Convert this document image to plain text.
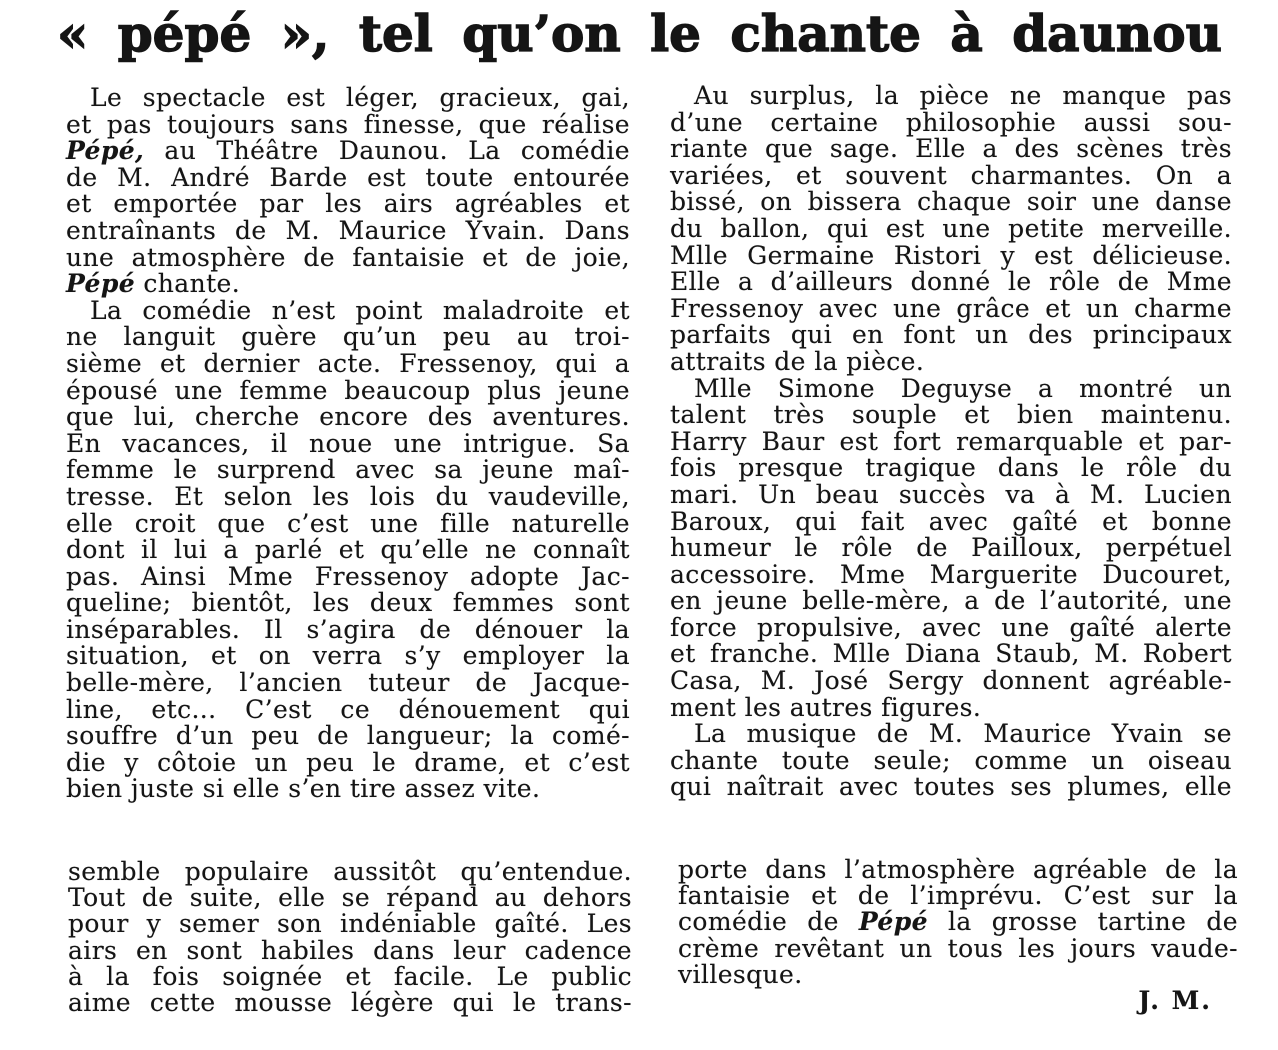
« pépé », tel qu’on le chante à daunou
Le spectacle est léger, gracieux, gai,
et pas toujours sans finesse, que réalise
Pépé, au Théâtre Daunou. La comédie
de M. André Barde est toute entourée
et emportée par les airs agréables et
entraînants de M. Maurice Yvain. Dans
une atmosphère de fantaisie et de joie,
Pépé chante.
La comédie n’est point maladroite et
ne languit guère qu’un peu au troi-
sième et dernier acte. Fressenoy, qui a
épousé une femme beaucoup plus jeune
que lui, cherche encore des aventures.
En vacances, il noue une intrigue. Sa
femme le surprend avec sa jeune maî-
tresse. Et selon les lois du vaudeville,
elle croit que c’est une fille naturelle
dont il lui a parlé et qu’elle ne connaît
pas. Ainsi Mme Fressenoy adopte Jac-
queline; bientôt, les deux femmes sont
inséparables. Il s’agira de dénouer la
situation, et on verra s’y employer la
belle-mère, l’ancien tuteur de Jacque-
line, etc... C’est ce dénouement qui
souffre d’un peu de langueur; la comé-
die y côtoie un peu le drame, et c’est
bien juste si elle s’en tire assez vite.
Au surplus, la pièce ne manque pas
d’une certaine philosophie aussi sou-
riante que sage. Elle a des scènes très
variées, et souvent charmantes. On a
bissé, on bissera chaque soir une danse
du ballon, qui est une petite merveille.
Mlle Germaine Ristori y est délicieuse.
Elle a d’ailleurs donné le rôle de Mme
Fressenoy avec une grâce et un charme
parfaits qui en font un des principaux
attraits de la pièce.
Mlle Simone Deguyse a montré un
talent très souple et bien maintenu.
Harry Baur est fort remarquable et par-
fois presque tragique dans le rôle du
mari. Un beau succès va à M. Lucien
Baroux, qui fait avec gaîté et bonne
humeur le rôle de Pailloux, perpétuel
accessoire. Mme Marguerite Ducouret,
en jeune belle-mère, a de l’autorité, une
force propulsive, avec une gaîté alerte
et franche. Mlle Diana Staub, M. Robert
Casa, M. José Sergy donnent agréable-
ment les autres figures.
La musique de M. Maurice Yvain se
chante toute seule; comme un oiseau
qui naîtrait avec toutes ses plumes, elle
semble populaire aussitôt qu’entendue.
Tout de suite, elle se répand au dehors
pour y semer son indéniable gaîté. Les
airs en sont habiles dans leur cadence
à la fois soignée et facile. Le public
aime cette mousse légère qui le trans-
porte dans l’atmosphère agréable de la
fantaisie et de l’imprévu. C’est sur la
comédie de Pépé la grosse tartine de
crème revêtant un tous les jours vaude-
villesque.
J. M.
